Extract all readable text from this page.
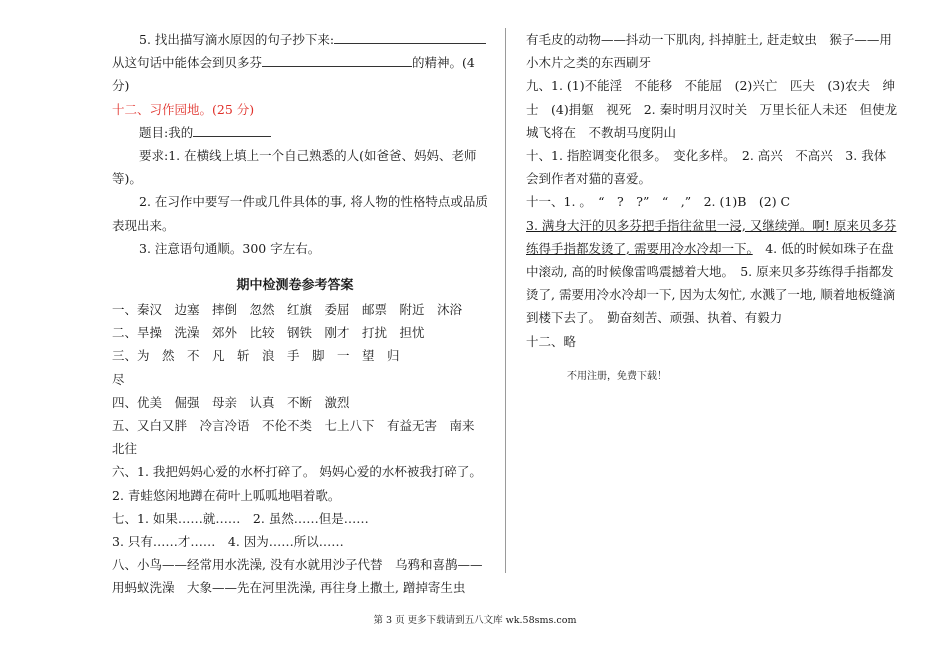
5. 找出描写滴水原因的句子抄下来:
从这句话中能体会到贝多芬	的精神。(4
分)
十二、习作园地。(25 分)
题目:我的
要求:1. 在横线上填上一个自己熟悉的人(如爸爸、妈妈、老师
等)。
2. 在习作中要写一件或几件具体的事, 将人物的性格特点或品质
表现出来。
3. 注意语句通顺。300 字左右。
期中检测卷参考答案
一、秦汉　边塞　摔倒　忽然　红旗　委屈　邮票　附近　沐浴
二、旱操　洗澡　郊外　比较　钢铁　刚才　打扰　担忧
三、为　然　不　凡　斩　浪　手　脚　一　望　归
尽
四、优美　倔强　母亲　认真　不断　激烈
五、又白又胖　冷言冷语　不伦不类　七上八下　有益无害　南来
北往
六、1. 我把妈妈心爱的水杯打碎了。 妈妈心爱的水杯被我打碎了。
2. 青蛙悠闲地蹲在荷叶上呱呱地唱着歌。
七、1. 如果……就……　2. 虽然……但是……
3. 只有……才……　4. 因为……所以……
八、小鸟——经常用水洗澡, 没有水就用沙子代替　乌鸦和喜鹊——
用蚂蚁洗澡　大象——先在河里洗澡, 再往身上撒土, 蹭掉寄生虫
有毛皮的动物——抖动一下肌肉, 抖掉脏土, 赶走蚊虫　猴子——用
小木片之类的东西刷牙
九、1. (1)不能淫　不能移　不能屈　(2)兴亡　匹夫　(3)农夫　绅
士　(4)捐躯　视死　2. 秦时明月汉时关　万里长征人未还　但使龙
城飞将在　不教胡马度阴山
十、1. 指腔调变化很多。　变化多样。　2. 高兴　不高兴　3. 我体
会到作者对猫的喜爱。
十一、1. 。　“　?　?”　“　,”　2. (1)B　(2) C
3. 满身大汗的贝多芬把手指往盆里一浸, 又继续弹。啊! 原来贝多芬
练得手指都发烫了, 需要用冷水冷却一下。　4. 低的时候如珠子在盘
中滚动, 高的时候像雷鸣震撼着大地。　5. 原来贝多芬练得手指都发
烫了, 需要用冷水冷却一下, 因为太匆忙, 水溅了一地, 顺着地板缝滴
到楼下去了。　勤奋刻苦、顽强、执着、有毅力
十二、略
不用注册，免费下载！
第 3 页 更多下载请到五八文库 wk.58sms.com
